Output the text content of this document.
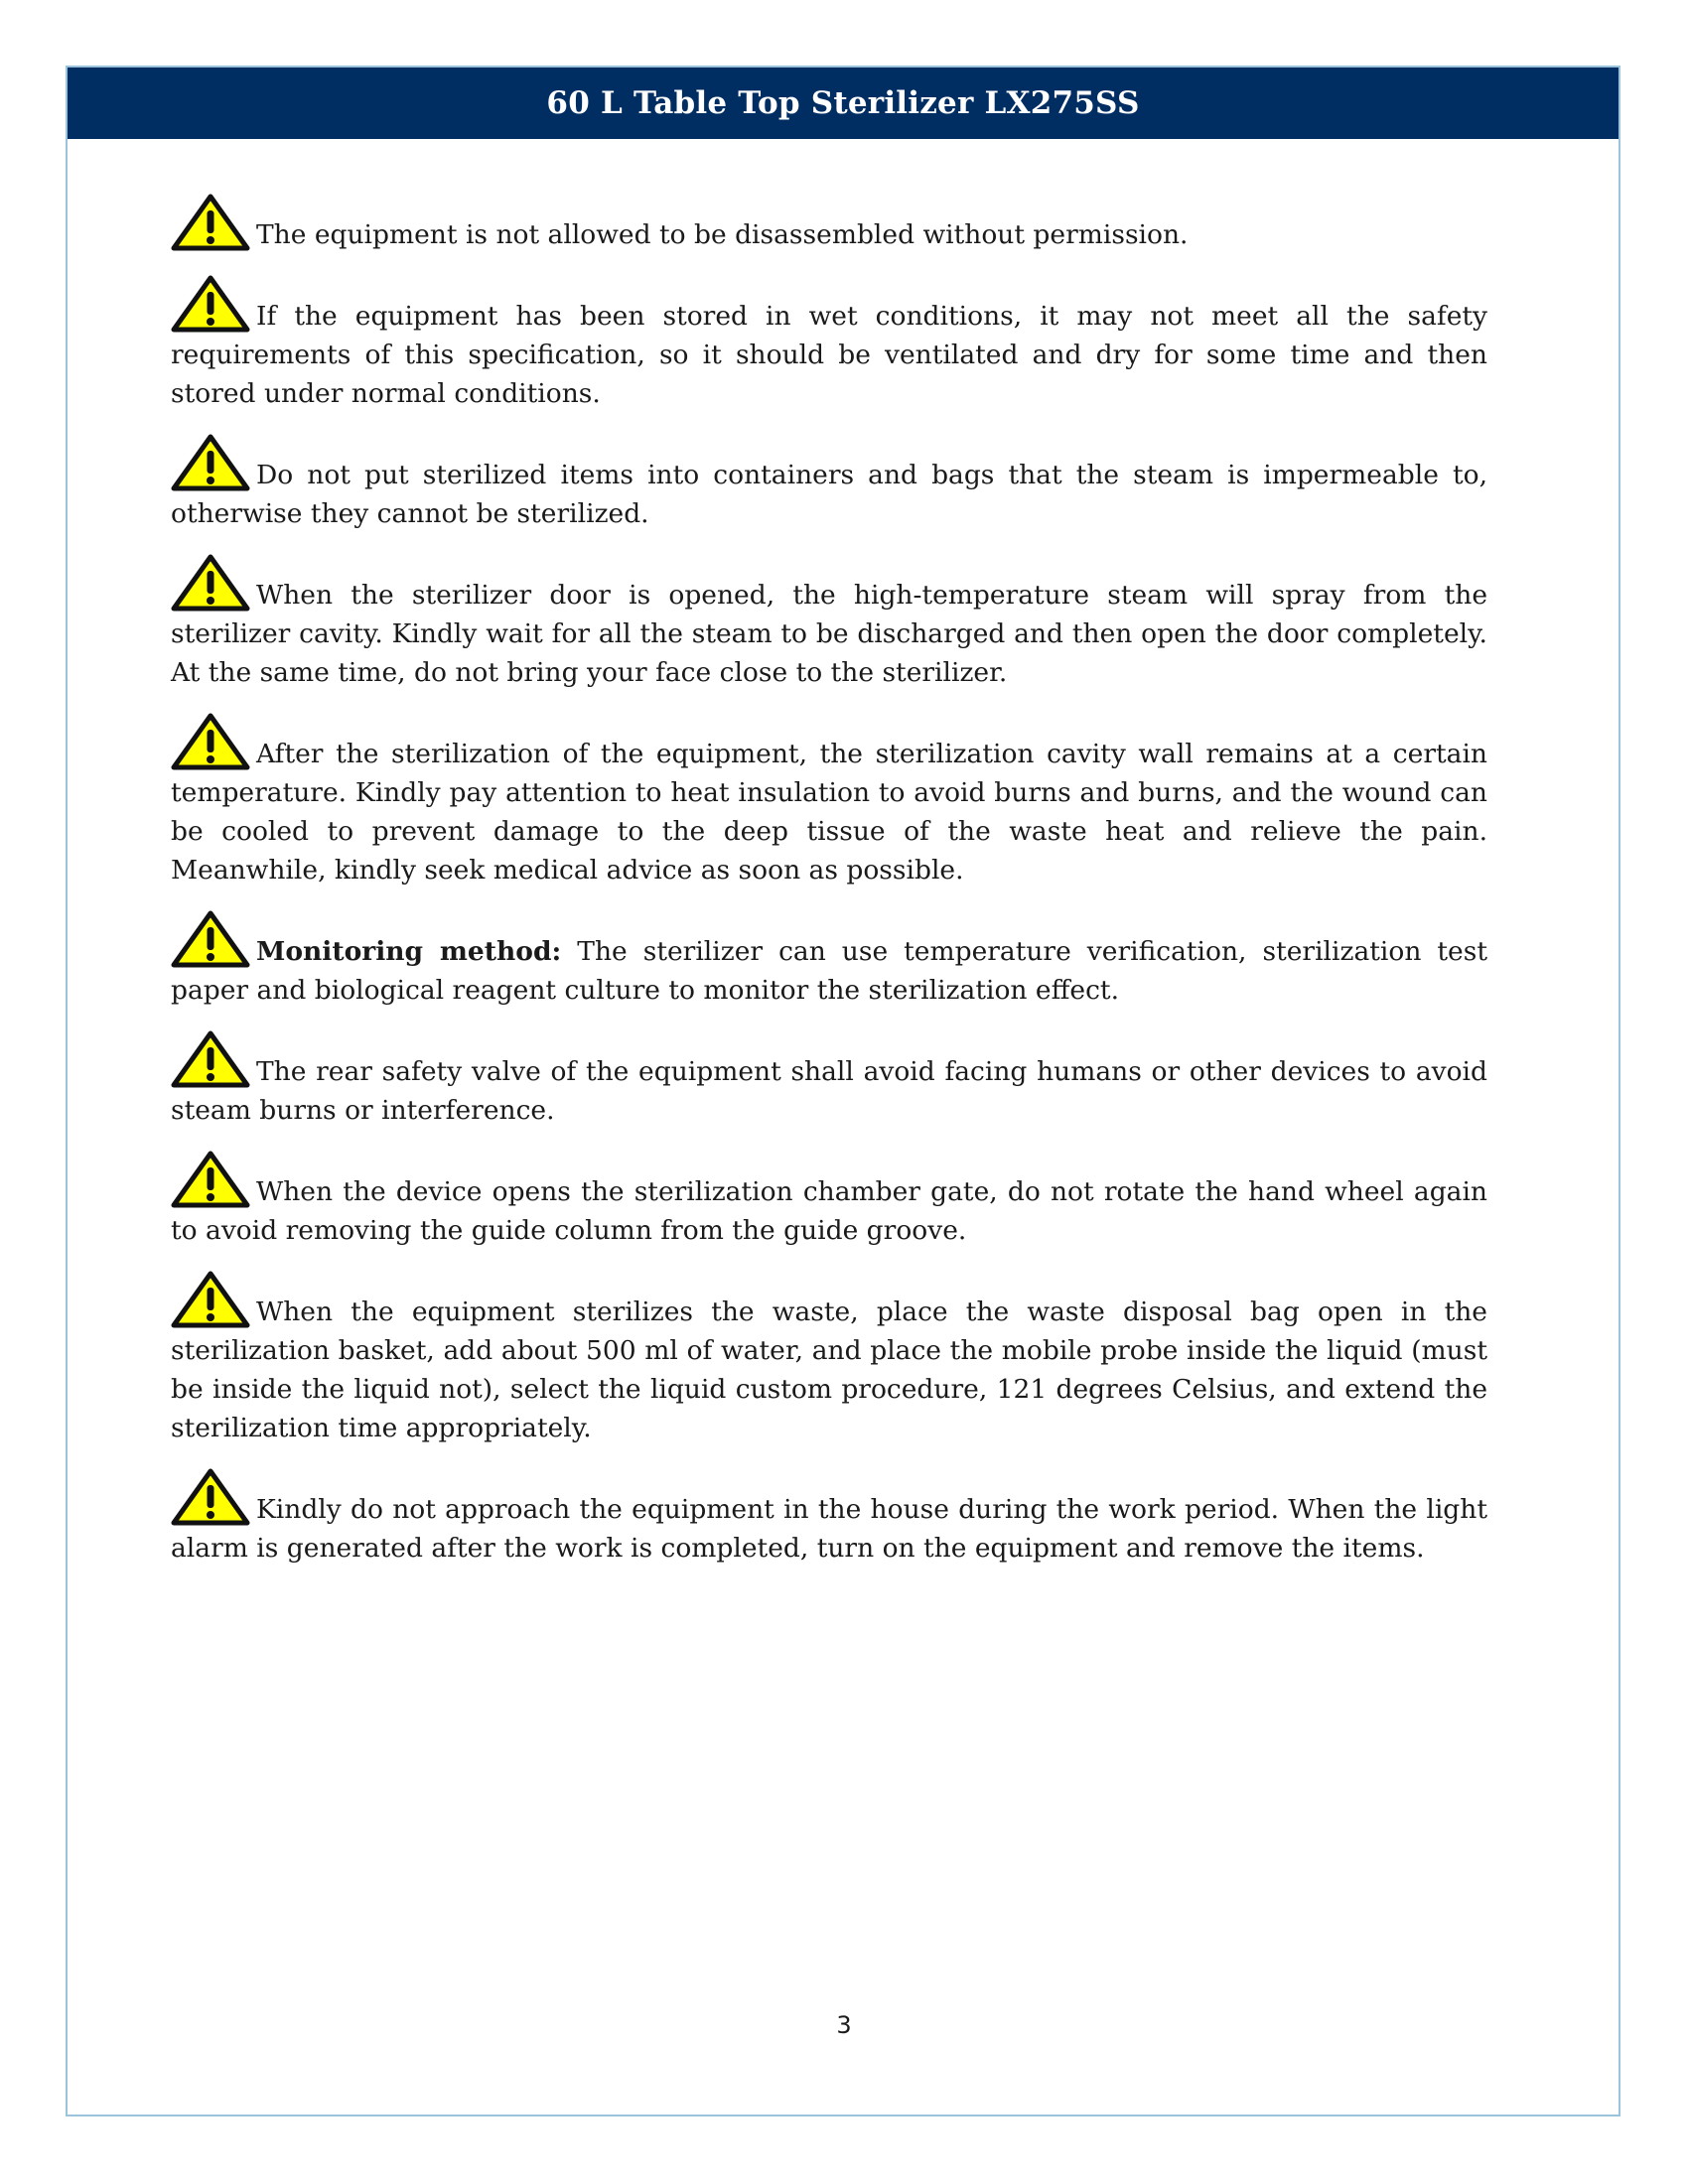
60 L Table Top Sterilizer LX275SS

The equipment is not allowed to be disassembled without permission.

If the equipment has been stored in wet conditions, it may not meet all the safety requirements of this specification, so it should be ventilated and dry for some time and then stored under normal conditions.

Do not put sterilized items into containers and bags that the steam is impermeable to, otherwise they cannot be sterilized.

When the sterilizer door is opened, the high-temperature steam will spray from the sterilizer cavity. Kindly wait for all the steam to be discharged and then open the door completely. At the same time, do not bring your face close to the sterilizer.

After the sterilization of the equipment, the sterilization cavity wall remains at a certain temperature. Kindly pay attention to heat insulation to avoid burns and burns, and the wound can be cooled to prevent damage to the deep tissue of the waste heat and relieve the pain. Meanwhile, kindly seek medical advice as soon as possible.

Monitoring method: The sterilizer can use temperature verification, sterilization test paper and biological reagent culture to monitor the sterilization effect.

The rear safety valve of the equipment shall avoid facing humans or other devices to avoid steam burns or interference.

When the device opens the sterilization chamber gate, do not rotate the hand wheel again to avoid removing the guide column from the guide groove.

When the equipment sterilizes the waste, place the waste disposal bag open in the sterilization basket, add about 500 ml of water, and place the mobile probe inside the liquid (must be inside the liquid not), select the liquid custom procedure, 121 degrees Celsius, and extend the sterilization time appropriately.

Kindly do not approach the equipment in the house during the work period. When the light alarm is generated after the work is completed, turn on the equipment and remove the items.

3
